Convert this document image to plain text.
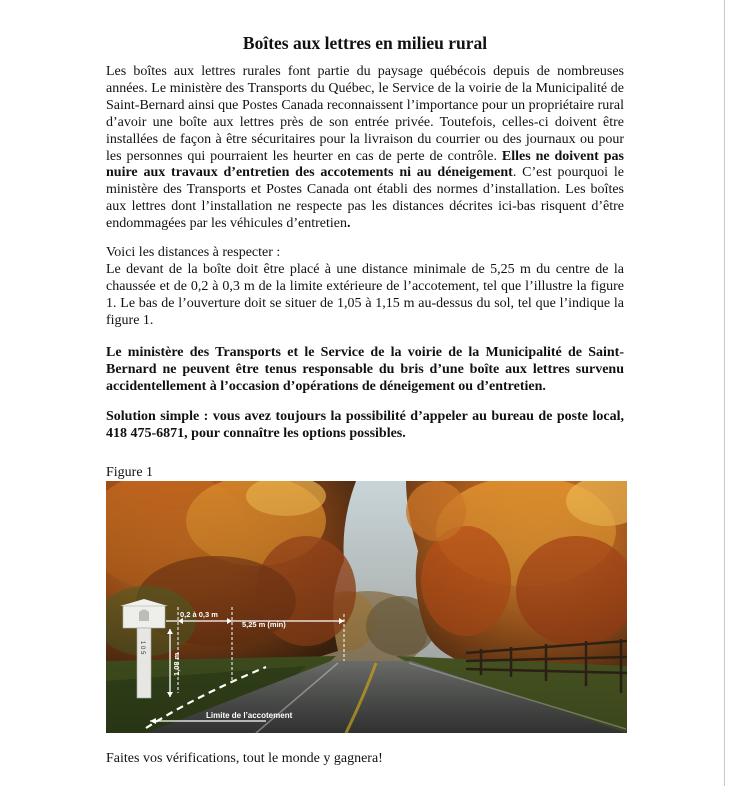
Boîtes aux lettres en milieu rural
Les boîtes aux lettres rurales font partie du paysage québécois depuis de nombreuses années. Le ministère des Transports du Québec, le Service de la voirie de la Municipalité de Saint-Bernard ainsi que Postes Canada reconnaissent l’importance pour un propriétaire rural d’avoir une boîte aux lettres près de son entrée privée. Toutefois, celles-ci doivent être installées de façon à être sécuritaires pour la livraison du courrier ou des journaux ou pour les personnes qui pourraient les heurter en cas de perte de contrôle. Elles ne doivent pas nuire aux travaux d’entretien des accotements ni au déneigement. C’est pourquoi le ministère des Transports et Postes Canada ont établi des normes d’installation. Les boîtes aux lettres dont l’installation ne respecte pas les distances décrites ici-bas risquent d’être endommagées par les véhicules d’entretien.
Voici les distances à respecter :
Le devant de la boîte doit être placé à une distance minimale de 5,25 m du centre de la chaussée et de 0,2 à 0,3 m de la limite extérieure de l’accotement, tel que l’illustre la figure 1. Le bas de l’ouverture doit se situer de 1,05 à 1,15 m au-dessus du sol, tel que l’indique la figure 1.
Le ministère des Transports et le Service de la voirie de la Municipalité de Saint-Bernard ne peuvent être tenus responsable du bris d’une boîte aux lettres survenu accidentellement à l’occasion d’opérations de déneigement ou d’entretien.
Solution simple : vous avez toujours la possibilité d’appeler au bureau de poste local, 418 475-6871, pour connaître les options possibles.
Figure 1
1 0 5
0,2 à 0,3 m
5,25 m (min)
1,08 m
Limite de l’accotement
Faites vos vérifications, tout le monde y gagnera!
